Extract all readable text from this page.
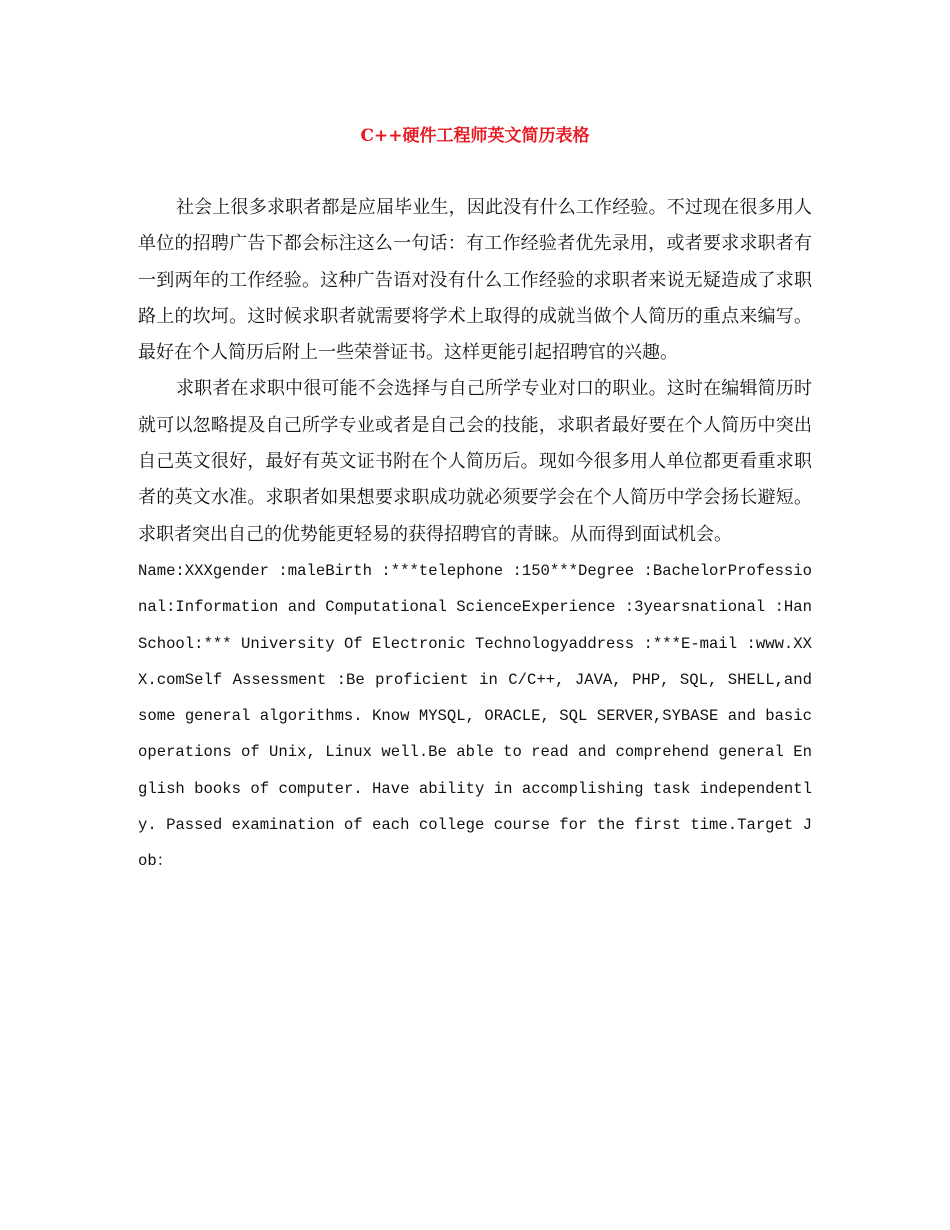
C++硬件工程师英文简历表格

社会上很多求职者都是应届毕业生，因此没有什么工作经验。不过现在很多用人单位的招聘广告下都会标注这么一句话：有工作经验者优先录用，或者要求求职者有一到两年的工作经验。这种广告语对没有什么工作经验的求职者来说无疑造成了求职路上的坎坷。这时候求职者就需要将学术上取得的成就当做个人简历的重点来编写。最好在个人简历后附上一些荣誉证书。这样更能引起招聘官的兴趣。

求职者在求职中很可能不会选择与自己所学专业对口的职业。这时在编辑简历时就可以忽略提及自己所学专业或者是自己会的技能，求职者最好要在个人简历中突出自己英文很好，最好有英文证书附在个人简历后。现如今很多用人单位都更看重求职者的英文水准。求职者如果想要求职成功就必须要学会在个人简历中学会扬长避短。求职者突出自己的优势能更轻易的获得招聘官的青睐。从而得到面试机会。

Name:XXXgender :maleBirth :***telephone :150***Degree :BachelorProfessional:Information and Computational ScienceExperience :3yearsnational :HanSchool:*** University Of Electronic Technologyaddress :***E-mail :www.XXX.comSelf Assessment :Be proficient in C/C++, JAVA, PHP, SQL, SHELL,and some general algorithms. Know MYSQL, ORACLE, SQL SERVER,SYBASE and basic operations of Unix, Linux well.Be able to read and comprehend general English books of computer. Have ability in accomplishing task independently. Passed examination of each college course for the first time.Target Job：
